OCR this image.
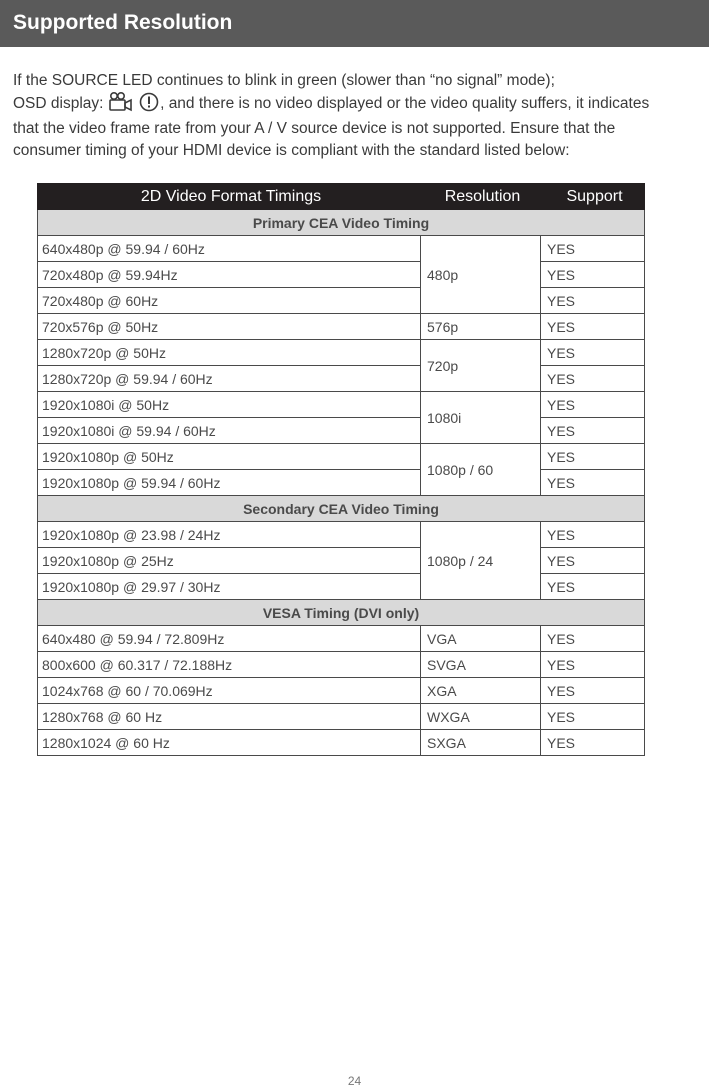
Supported Resolution
If the SOURCE LED continues to blink in green (slower than “no signal” mode);
OSD display:	, and there is no video displayed or the video quality suffers, it indicates
that the video frame rate from your A / V source device is not supported. Ensure that the
consumer timing of your HDMI device is compliant with the standard listed below:
2D Video Format Timings	Resolution	Support
Primary CEA Video Timing		
640x480p @ 59.94 / 60Hz	480p	YES
720x480p @ 59.94Hz		YES
720x480p @ 60Hz		YES
720x576p @ 50Hz	576p	YES
1280x720p @ 50Hz	720p	YES
1280x720p @ 59.94 / 60Hz		YES
1920x1080i @ 50Hz	1080i	YES
1920x1080i @ 59.94 / 60Hz		YES
1920x1080p @ 50Hz	1080p / 60	YES
1920x1080p @ 59.94 / 60Hz		YES
Secondary CEA Video Timing		
1920x1080p @ 23.98 / 24Hz	1080p / 24	YES
1920x1080p @ 25Hz		YES
1920x1080p @ 29.97 / 30Hz		YES
VESA Timing (DVI only)		
640x480 @ 59.94 / 72.809Hz	VGA	YES
800x600 @ 60.317 / 72.188Hz	SVGA	YES
1024x768 @ 60 / 70.069Hz	XGA	YES
1280x768 @ 60 Hz	WXGA	YES
1280x1024 @ 60 Hz	SXGA	YES
24
